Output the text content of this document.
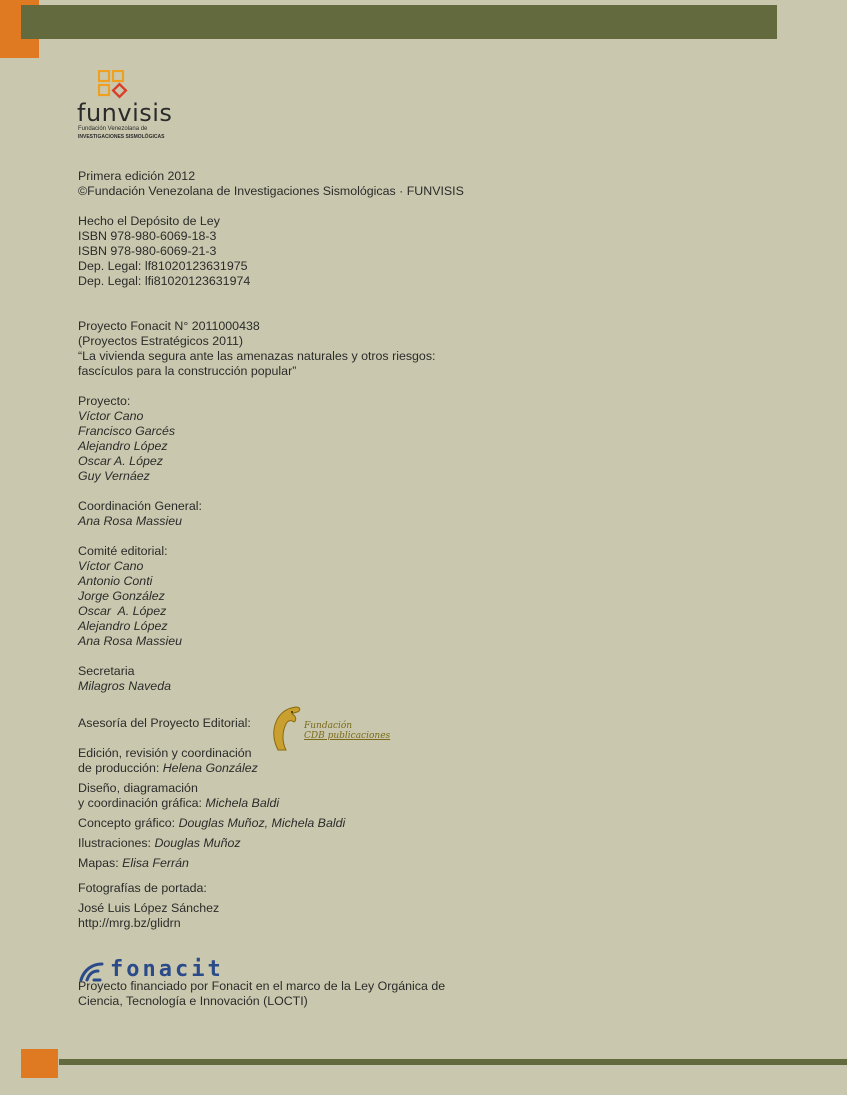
funvisis
Fundación Venezolana de
INVESTIGACIONES SISMOLÓGICAS
Primera edición 2012
©Fundación Venezolana de Investigaciones Sismológicas · FUNVISIS
Hecho el Depósito de Ley
ISBN 978-980-6069-18-3
ISBN 978-980-6069-21-3
Dep. Legal: lf81020123631975
Dep. Legal: lfi81020123631974
Proyecto Fonacit N° 2011000438
(Proyectos Estratégicos 2011)
“La vivienda segura ante las amenazas naturales y otros riesgos:
fascículos para la construcción popular”
Proyecto:
Víctor Cano
Francisco Garcés
Alejandro López
Oscar A. López
Guy Vernáez
Coordinación General:
Ana Rosa Massieu
Comité editorial:
Víctor Cano
Antonio Conti
Jorge González
Oscar  A. López
Alejandro López
Ana Rosa Massieu
Secretaria
Milagros Naveda
Asesoría del Proyecto Editorial:
Edición, revisión y coordinación
de producción: Helena González
Diseño, diagramación
y coordinación gráfica: Michela Baldi
Concepto gráfico: Douglas Muñoz, Michela Baldi
Ilustraciones: Douglas Muñoz
Mapas: Elisa Ferrán
Fotografías de portada:
José Luis López Sánchez
http://mrg.bz/glidrn
Proyecto financiado por Fonacit en el marco de la Ley Orgánica de
Ciencia, Tecnología e Innovación (LOCTI)
Fundación
CDB publicaciones
fonacit
